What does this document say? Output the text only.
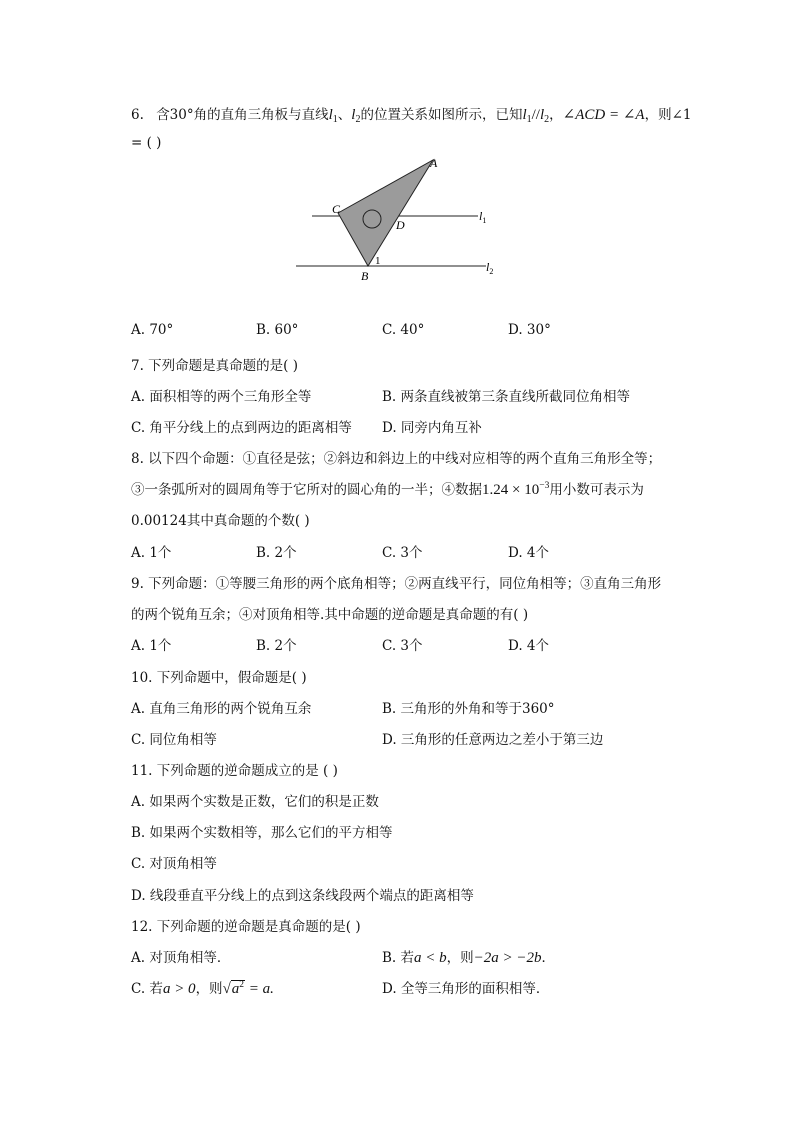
6. 含30°角的直角三角板与直线$l_1$、$l_2$的位置关系如图所示，已知$l_1//l_2$，∠ACD = ∠A，则∠1
= ( )
A
C
D
B
1
$l_1$
$l_2$
A. 70°	B. 60°	C. 40°	D. 30°
7. 下列命题是真命题的是( )
A. 面积相等的两个三角形全等	B. 两条直线被第三条直线所截同位角相等
C. 角平分线上的点到两边的距离相等 D. 同旁内角互补
8. 以下四个命题：①直径是弦；②斜边和斜边上的中线对应相等的两个直角三角形全等；
③一条弧所对的圆周角等于它所对的圆心角的一半；④数据$1.24 \times 10^{-3}$用小数可表示为
0.00124其中真命题的个数( )
A. 1个	B. 2个	C. 3个	D. 4个
9. 下列命题：①等腰三角形的两个底角相等；②两直线平行，同位角相等；③直角三角形
的两个锐角互余；④对顶角相等.其中命题的逆命题是真命题的有( )
A. 1个	B. 2个	C. 3个	D. 4个
10. 下列命题中，假命题是( )
A. 直角三角形的两个锐角互余	B. 三角形的外角和等于360°
C. 同位角相等	D. 三角形的任意两边之差小于第三边
11. 下列命题的逆命题成立的是 ( )
A. 如果两个实数是正数，它们的积是正数
B. 如果两个实数相等，那么它们的平方相等
C. 对顶角相等
D. 线段垂直平分线上的点到这条线段两个端点的距离相等
12. 下列命题的逆命题是真命题的是( )
A. 对顶角相等．	B. 若a < b，则−2a > −2b．
C. 若a > 0，则$√a^2 = a$.	D. 全等三角形的面积相等．
